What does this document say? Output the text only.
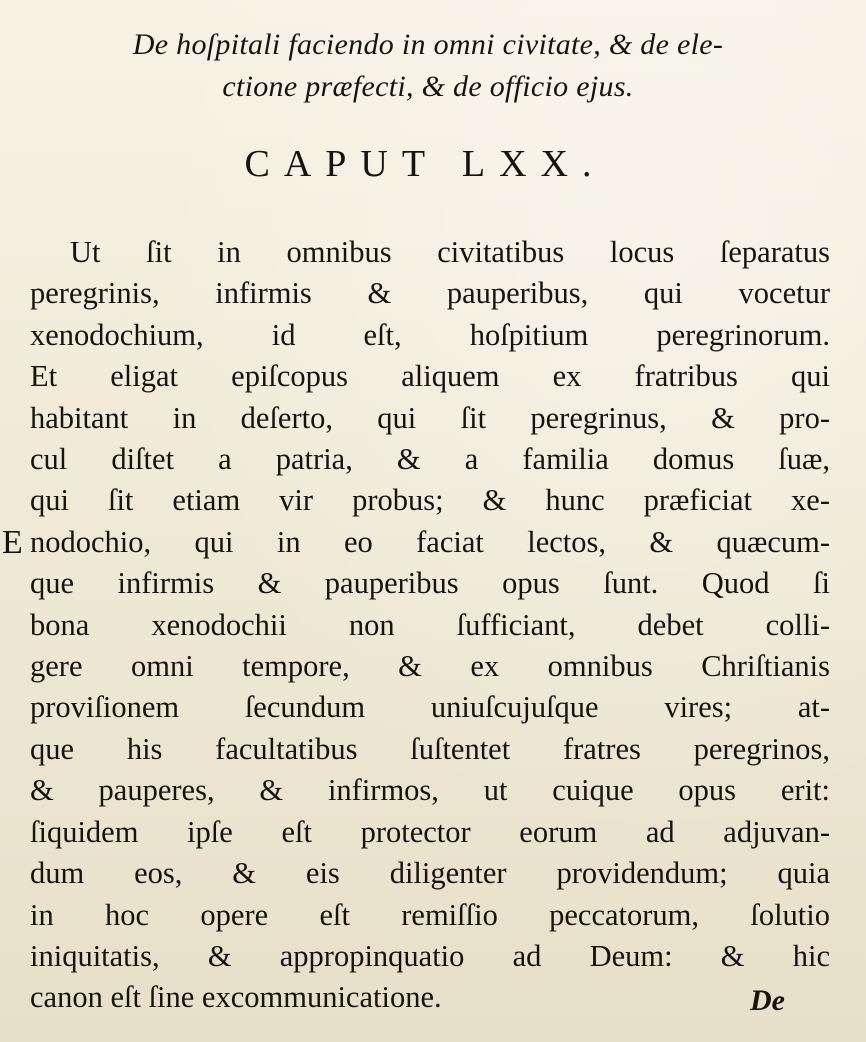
De hoſpitali faciendo in omni civitate, & de ele-
ctione præfecti, & de officio ejus.
CAPUT LXX.
E
Ut ſit in omnibus civitatibus locus ſeparatus
peregrinis, infirmis & pauperibus, qui vocetur
xenodochium, id eſt, hoſpitium peregrinorum.
Et eligat epiſcopus aliquem ex fratribus qui
habitant in deſerto, qui ſit peregrinus, & pro-
cul diſtet a patria, & a familia domus ſuæ,
qui ſit etiam vir probus; & hunc præficiat xe-
nodochio, qui in eo faciat lectos, & quæcum-
que infirmis & pauperibus opus ſunt. Quod ſi
bona xenodochii non ſufficiant, debet colli-
gere omni tempore, & ex omnibus Chriſtianis
proviſionem ſecundum uniuſcujuſque vires; at-
que his facultatibus ſuſtentet fratres peregrinos,
& pauperes, & infirmos, ut cuique opus erit:
ſiquidem ipſe eſt protector eorum ad adjuvan-
dum eos, & eis diligenter providendum; quia
in hoc opere eſt remiſſio peccatorum, ſolutio
iniquitatis, & appropinquatio ad Deum: & hic
canon eſt ſine excommunicatione.	De
